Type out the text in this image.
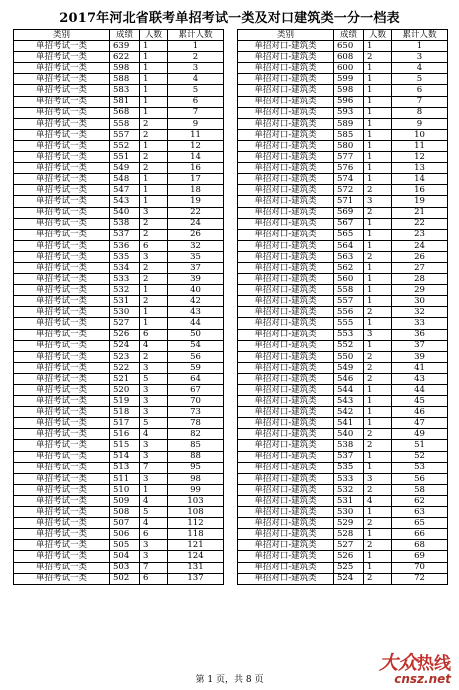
2017年河北省联考单招考试一类及对口建筑类一分一档表
类别	成绩	人数	累计人数
单招考试一类	639	1	1
单招考试一类	622	1	2
单招考试一类	598	1	3
单招考试一类	588	1	4
单招考试一类	583	1	5
单招考试一类	581	1	6
单招考试一类	568	1	7
单招考试一类	558	2	9
单招考试一类	557	2	11
单招考试一类	552	1	12
单招考试一类	551	2	14
单招考试一类	549	2	16
单招考试一类	548	1	17
单招考试一类	547	1	18
单招考试一类	543	1	19
单招考试一类	540	3	22
单招考试一类	538	2	24
单招考试一类	537	2	26
单招考试一类	536	6	32
单招考试一类	535	3	35
单招考试一类	534	2	37
单招考试一类	533	2	39
单招考试一类	532	1	40
单招考试一类	531	2	42
单招考试一类	530	1	43
单招考试一类	527	1	44
单招考试一类	526	6	50
单招考试一类	524	4	54
单招考试一类	523	2	56
单招考试一类	522	3	59
单招考试一类	521	5	64
单招考试一类	520	3	67
单招考试一类	519	3	70
单招考试一类	518	3	73
单招考试一类	517	5	78
单招考试一类	516	4	82
单招考试一类	515	3	85
单招考试一类	514	3	88
单招考试一类	513	7	95
单招考试一类	511	3	98
单招考试一类	510	1	99
单招考试一类	509	4	103
单招考试一类	508	5	108
单招考试一类	507	4	112
单招考试一类	506	6	118
单招考试一类	505	3	121
单招考试一类	504	3	124
单招考试一类	503	7	131
单招考试一类	502	6	137
类别	成绩	人数	累计人数
单招对口-建筑类	650	1	1
单招对口-建筑类	608	2	3
单招对口-建筑类	600	1	4
单招对口-建筑类	599	1	5
单招对口-建筑类	598	1	6
单招对口-建筑类	596	1	7
单招对口-建筑类	593	1	8
单招对口-建筑类	589	1	9
单招对口-建筑类	585	1	10
单招对口-建筑类	580	1	11
单招对口-建筑类	577	1	12
单招对口-建筑类	576	1	13
单招对口-建筑类	574	1	14
单招对口-建筑类	572	2	16
单招对口-建筑类	571	3	19
单招对口-建筑类	569	2	21
单招对口-建筑类	567	1	22
单招对口-建筑类	565	1	23
单招对口-建筑类	564	1	24
单招对口-建筑类	563	2	26
单招对口-建筑类	562	1	27
单招对口-建筑类	560	1	28
单招对口-建筑类	558	1	29
单招对口-建筑类	557	1	30
单招对口-建筑类	556	2	32
单招对口-建筑类	555	1	33
单招对口-建筑类	553	3	36
单招对口-建筑类	552	1	37
单招对口-建筑类	550	2	39
单招对口-建筑类	549	2	41
单招对口-建筑类	546	2	43
单招对口-建筑类	544	1	44
单招对口-建筑类	543	1	45
单招对口-建筑类	542	1	46
单招对口-建筑类	541	1	47
单招对口-建筑类	540	2	49
单招对口-建筑类	538	2	51
单招对口-建筑类	537	1	52
单招对口-建筑类	535	1	53
单招对口-建筑类	533	3	56
单招对口-建筑类	532	2	58
单招对口-建筑类	531	4	62
单招对口-建筑类	530	1	63
单招对口-建筑类	529	2	65
单招对口-建筑类	528	1	66
单招对口-建筑类	527	2	68
单招对口-建筑类	526	1	69
单招对口-建筑类	525	1	70
单招对口-建筑类	524	2	72
第 1 页，共 8 页
大众热线
cnsz.net
